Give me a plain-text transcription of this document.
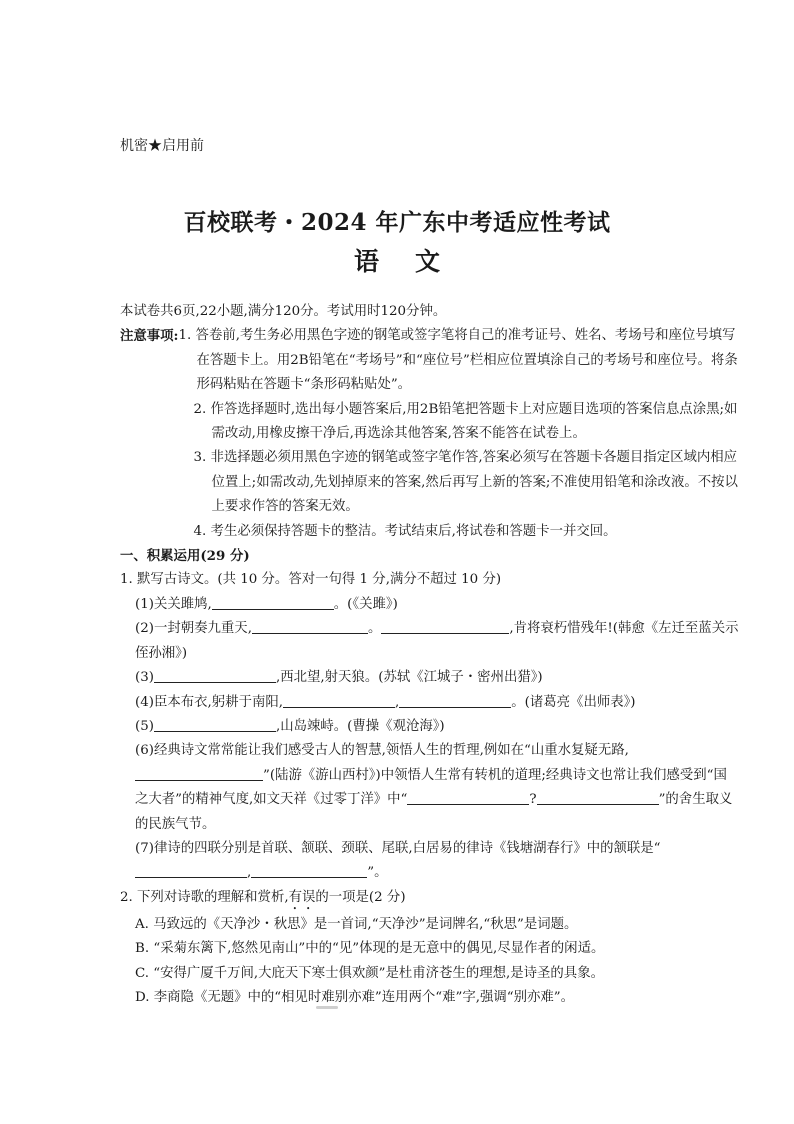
机密★启用前
百校联考・2024 年广东中考适应性考试
语 文
本试卷共6页,22小题,满分120分。考试用时120分钟。
注意事项: 1. 答卷前,考生务必用黑色字迹的钢笔或签字笔将自己的准考证号、姓名、考场号和座位号填写在答题卡上。用2B铅笔在“考场号”和“座位号”栏相应位置填涂自己的考场号和座位号。将条形码粘贴在答题卡“条形码粘贴处”。
2. 作答选择题时,选出每小题答案后,用2B铅笔把答题卡上对应题目选项的答案信息点涂黑;如需改动,用橡皮擦干净后,再选涂其他答案,答案不能答在试卷上。
3. 非选择题必须用黑色字迹的钢笔或签字笔作答,答案必须写在答题卡各题目指定区域内相应位置上;如需改动,先划掉原来的答案,然后再写上新的答案;不准使用铅笔和涂改液。不按以上要求作答的答案无效。
4. 考生必须保持答题卡的整洁。考试结束后,将试卷和答题卡一并交回。
一、积累运用(29 分)
1. 默写古诗文。(共 10 分。答对一句得 1 分,满分不超过 10 分)
(1)关关雎鸠,	。(《关雎》)
(2)一封朝奏九重天,	。	,肯将衰朽惜残年!(韩愈《左迁至蓝关示侄孙湘》)
(3)	,西北望,射天狼。(苏轼《江城子・密州出猎》)
(4)臣本布衣,躬耕于南阳,	,	。(诸葛亮《出师表》)
(5)	,山岛竦峙。(曹操《观沧海》)
(6)经典诗文常常能让我们感受古人的智慧,领悟人生的哲理,例如在“山重水复疑无路,”(陆游《游山西村》)中领悟人生常有转机的道理;经典诗文也常让我们感受到“国之大者”的精神气度,如文天祥《过零丁洋》中“	?	”的舍生取义的民族气节。
(7)律诗的四联分别是首联、颔联、颈联、尾联,白居易的律诗《钱塘湖春行》中的颔联是“,	”。
2. 下列对诗歌的理解和赏析,有误的一项是(2 分)
A. 马致远的《天净沙・秋思》是一首词,“天净沙”是词牌名,“秋思”是词题。
B. “采菊东篱下,悠然见南山”中的“见”体现的是无意中的偶见,尽显作者的闲适。
C. “安得广厦千万间,大庇天下寒士俱欢颜”是杜甫济苍生的理想,是诗圣的具象。
D. 李商隐《无题》中的“相见时难别亦难”连用两个“难”字,强调“别亦难”。
